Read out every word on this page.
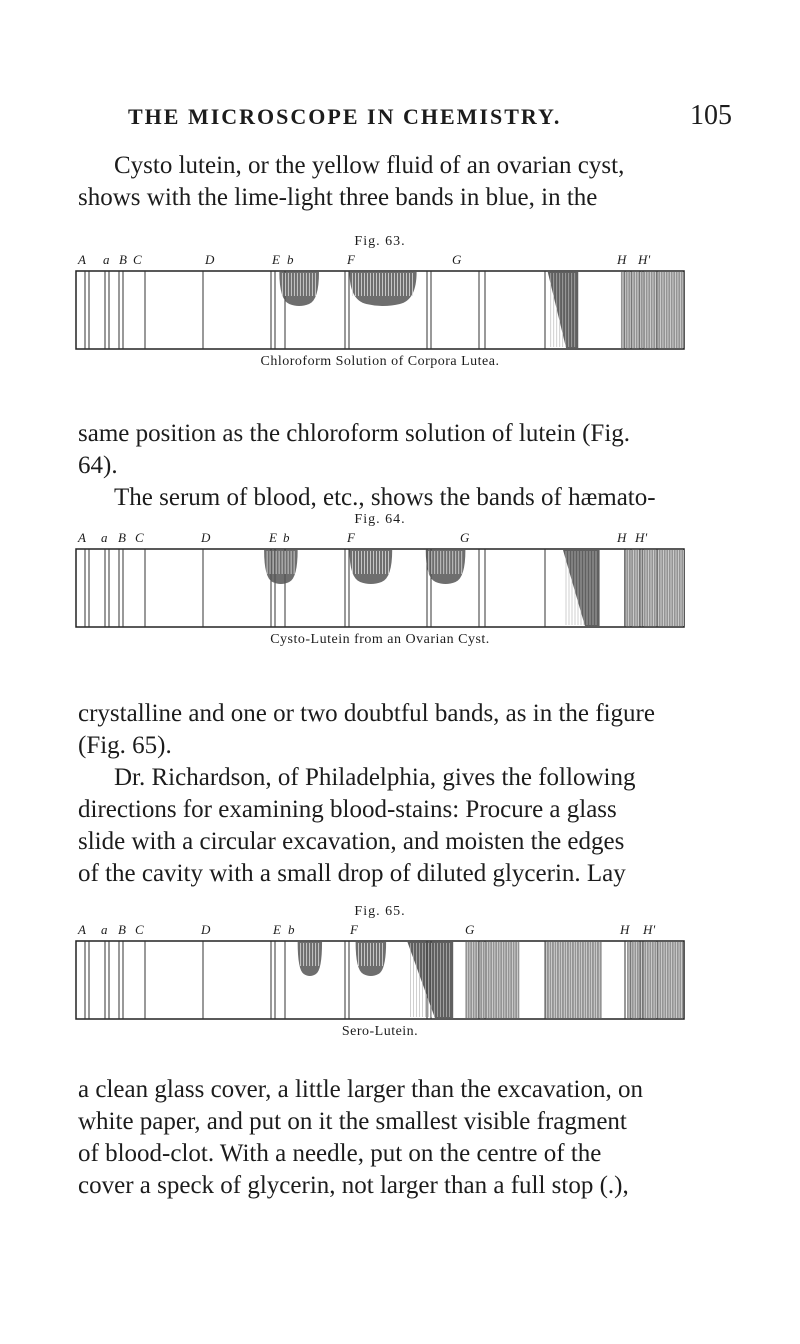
THE MICROSCOPE IN CHEMISTRY.	105

Cysto lutein, or the yellow fluid of an ovarian cyst,

shows with the lime-light three bands in blue, in the

Fig. 63.
A a B C	D	E b	F	G	H H'
Chloroform Solution of Corpora Lutea.

same position as the chloroform solution of lutein (Fig.

64).

The serum of blood, etc., shows the bands of hæmato-

Fig. 64.
A a B C	D	E b	F	G	H H'
Cysto-Lutein from an Ovarian Cyst.

crystalline and one or two doubtful bands, as in the figure

(Fig. 65).

Dr. Richardson, of Philadelphia, gives the following

directions for examining blood-stains: Procure a glass

slide with a circular excavation, and moisten the edges

of the cavity with a small drop of diluted glycerin. Lay

Fig. 65.
A a B C	D	E b	F	G	H H'
Sero-Lutein.

a clean glass cover, a little larger than the excavation, on

white paper, and put on it the smallest visible fragment

of blood-clot. With a needle, put on the centre of the

cover a speck of glycerin, not larger than a full stop (.),
